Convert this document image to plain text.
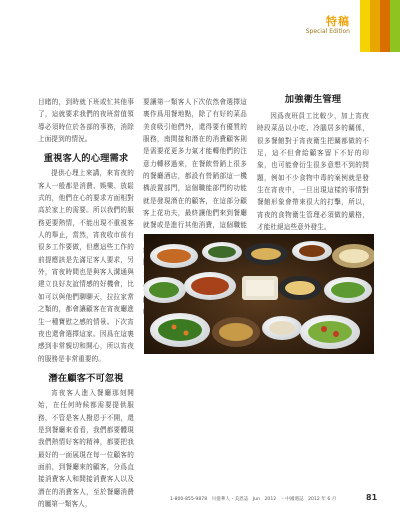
特稿
Special Edition

目睹的，到時就下班或忙其他事了，這就要求我們的夜班當值領導必須時位於各部的事務，消除上面提到的情況。

重視客人的心理需求

提供心理上來講，來宵夜的客人一般都是消費、娛樂、放鬆式的，他們在心的要求方面相對高於家上的需要。所以我們的服務更要熱情，不能出現不重視客人的舉止，當然，宵夜收市前有很多工作要做，但應這些工作的前提應該是先滿足客人要求，另外，宵夜時間也是與客人溝通與建立良好友誼情感的好機會，比如可以與他們聊聊天，拉拉家常之類的，都會讓顧客在宵夜廳進生一種寶慰之感的情景。下次宵夜也還會選擇這家。因爲在這裏感到非常親切和開心，所以宵夜的服務是非常重要的。

潛在顧客不可忽視

宵夜客人進入餐廳那刻開始，在任何時候都需要提供服務，不管是客人撥恩于不開，還是到餐廳來看看，我們都要體現我們熱情好客的精神，都要把我最好的一面展現在每一位顧客的面前，到餐廳來的顧客，分爲直接消費客人和間接消費客人以及潛在的消費客人，至於餐廳消費的屬第一類客人，

要讓第一類客人下次依然會選擇這裏作爲用餐地點，除了有好的菜品美食吸引他們外，還得要有優質的服務，南間接和潛在的消費顧客則是需要花更多力氣才能轉他們的注意力轉移過來，在餐飲營銷上很多的餐廳酒店，都設有營銷部這一機構設置部門，這個職能部門的功能就是發現潛在的顧客，在這部分顧客上花功夫，最終讓他們來到餐廳就餐或是進行其他消費，這個職能

加強衛生管理

因爲夜班員工比較少，加上宵夜時段菜品以小吃、冷腦居多的關係，很多餐館對于宵夜衛生把關都做的不足，這不但會給顧客留下不好的印象，也可能會衍生很多意想不到的問題，例如不少食物中毒的案例就是發生在宵夜中，一旦出現這樣的事情對餐館形象會帶來很大的打擊，所以，宵夜的食物衛生管理必須做的嚴格，才能杜絕這些意外發生。

1-800-855-9878 川億華人・美恩誌 Jun 2012 ・中國週誌 2012 年 6 月	81
